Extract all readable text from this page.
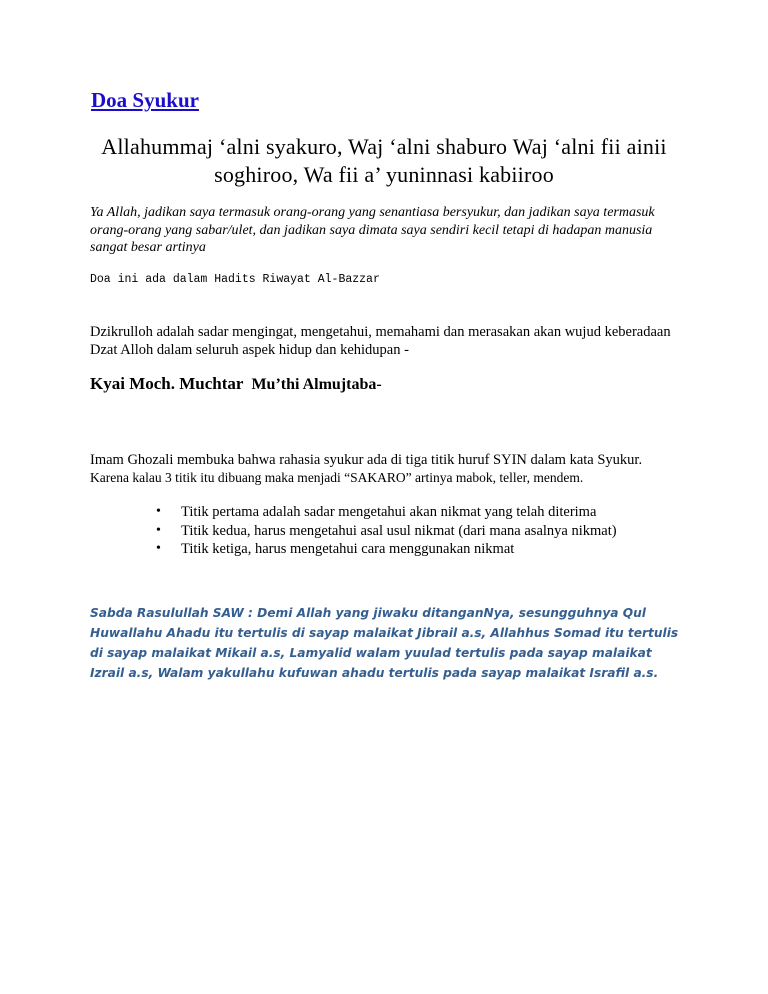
Doa Syukur
Allahummaj ‘alni syakuro, Waj ‘alni shaburo Waj ‘alni fii ainii soghiroo, Wa fii a’ yuninnasi kabiiroo
Ya Allah, jadikan saya termasuk orang-orang yang senantiasa bersyukur, dan jadikan saya termasuk orang-orang yang sabar/ulet, dan jadikan saya dimata saya sendiri kecil tetapi di hadapan manusia sangat besar artinya
Doa ini ada dalam Hadits Riwayat Al-Bazzar
Dzikrulloh adalah sadar mengingat, mengetahui, memahami dan merasakan akan wujud keberadaan Dzat Alloh dalam seluruh aspek hidup dan kehidupan -
Kyai Moch. Muchtar Mu’thi Almujtaba-
Imam Ghozali membuka bahwa rahasia syukur ada di tiga titik huruf SYIN dalam kata Syukur.
Karena kalau 3 titik itu dibuang maka menjadi “SAKARO” artinya mabok, teller, mendem.
• Titik pertama adalah sadar mengetahui akan nikmat yang telah diterima
• Titik kedua, harus mengetahui asal usul nikmat (dari mana asalnya nikmat)
• Titik ketiga, harus mengetahui cara menggunakan nikmat
Sabda Rasulullah SAW : Demi Allah yang jiwaku ditanganNya, sesungguhnya Qul Huwallahu Ahadu itu tertulis di sayap malaikat Jibrail a.s, Allahhus Somad itu tertulis di sayap malaikat Mikail a.s, Lamyalid walam yuulad tertulis pada sayap malaikat Izrail a.s, Walam yakullahu kufuwan ahadu tertulis pada sayap malaikat Israfil a.s.
